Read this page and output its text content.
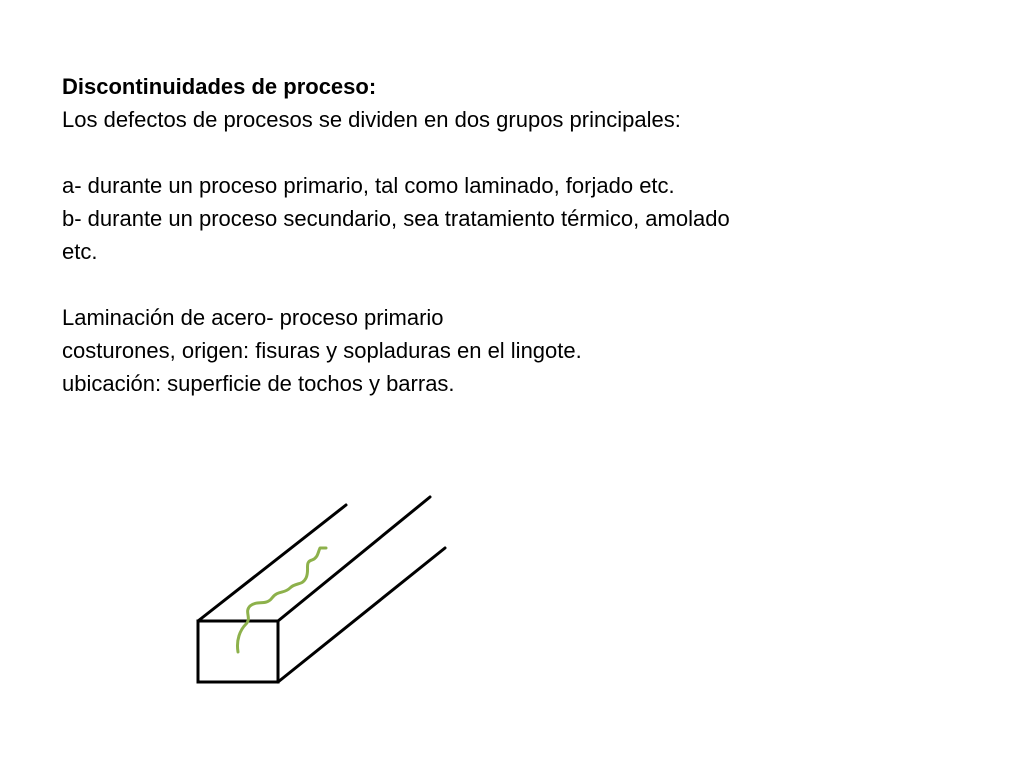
Discontinuidades de proceso:
Los defectos de procesos se dividen en dos grupos principales:
a- durante un proceso primario, tal como laminado, forjado etc.
b- durante un proceso secundario, sea tratamiento térmico, amolado
etc.
Laminación de acero- proceso primario
costurones, origen: fisuras y sopladuras en el lingote.
ubicación: superficie de tochos y barras.
